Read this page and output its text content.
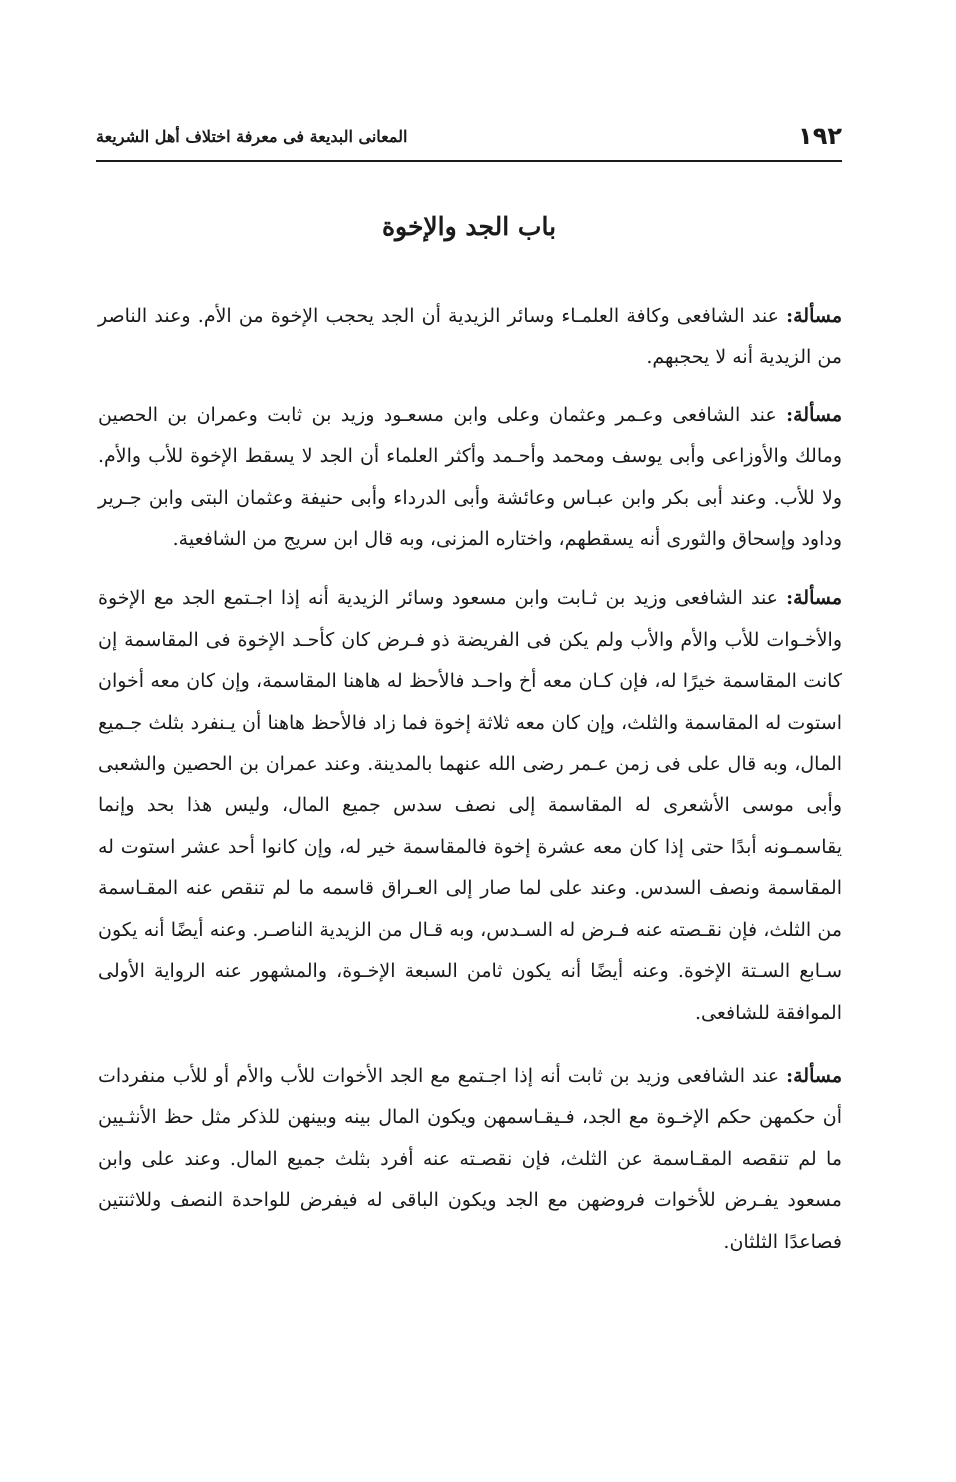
١٩٢
المعانى البديعة فى معرفة اختلاف أهل الشريعة
باب الجد والإخوة

مسألة: عند الشافعى وكافة العلمـاء وسائر الزيدية أن الجد يحجب الإخوة من الأم. وعند الناصر من الزيدية أنه لا يحجبهم.

مسألة: عند الشافعى وعـمر وعثمان وعلى وابن مسعـود وزيد بن ثابت وعمران بن الحصين ومالك والأوزاعى وأبى يوسف ومحمد وأحـمد وأكثر العلماء أن الجد لا يسقط الإخوة للأب والأم. ولا للأب. وعند أبى بكر وابن عبـاس وعائشة وأبى الدرداء وأبى حنيفة وعثمان البتى وابن جـرير وداود وإسحاق والثورى أنه يسقطهم، واختاره المزنى، وبه قال ابن سريج من الشافعية.

مسألة: عند الشافعى وزيد بن ثـابت وابن مسعود وسائر الزيدية أنه إذا اجـتمع الجد مع الإخوة والأخـوات للأب والأم والأب ولم يكن فى الفريضة ذو فـرض كان كأحـد الإخوة فى المقاسمة إن كانت المقاسمة خيرًا له، فإن كـان معه أخ واحـد فالأحظ له هاهنا المقاسمة، وإن كان معه أخوان استوت له المقاسمة والثلث، وإن كان معه ثلاثة إخوة فما زاد فالأحظ هاهنا أن يـنفرد بثلث جـميع المال، وبه قال على فى زمن عـمر رضى الله عنهما بالمدينة. وعند عمران بن الحصين والشعبى وأبى موسى الأشعرى له المقاسمة إلى نصف سدس جميع المال، وليس هذا بحد وإنما يقاسمـونه أبدًا حتى إذا كان معه عشرة إخوة فالمقاسمة خير له، وإن كانوا أحد عشر استوت له المقاسمة ونصف السدس. وعند على لما صار إلى العـراق قاسمه ما لم تنقص عنه المقـاسمة من الثلث، فإن نقـصته عنه فـرض له السـدس، وبه قـال من الزيدية الناصـر. وعنه أيضًا أنه يكون سـابع السـتة الإخوة. وعنه أيضًا أنه يكون ثامن السبعة الإخـوة، والمشهور عنه الرواية الأولى الموافقة للشافعى.

مسألة: عند الشافعى وزيد بن ثابت أنه إذا اجـتمع مع الجد الأخوات للأب والأم أو للأب منفردات أن حكمهن حكم الإخـوة مع الجد، فـيقـاسمهن ويكون المال بينه وبينهن للذكر مثل حظ الأنثـيين ما لم تنقصه المقـاسمة عن الثلث، فإن نقصـته عنه أفرد بثلث جميع المال. وعند على وابن مسعود يفـرض للأخوات فروضهن مع الجد ويكون الباقى له فيفرض للواحدة النصف وللاثنتين فصاعدًا الثلثان.
